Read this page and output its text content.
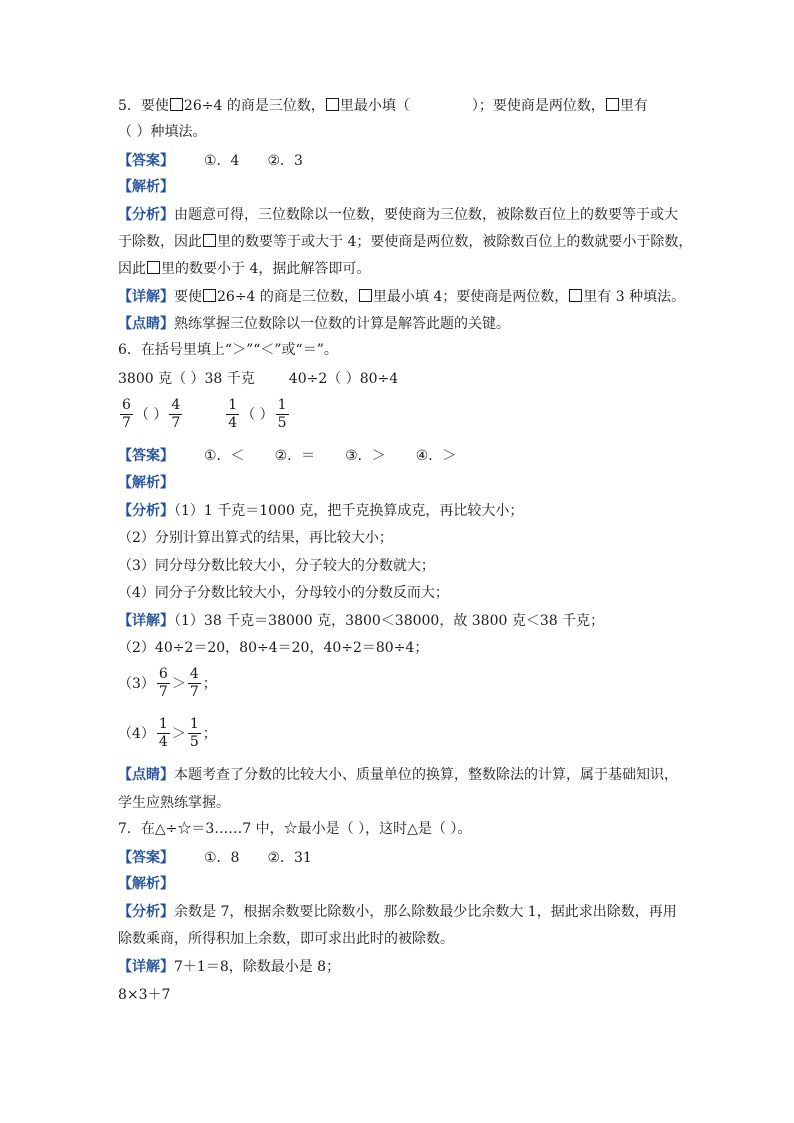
5．要使 26÷4 的商是三位数， 里最小填（	）；要使商是两位数， 里有
（ ）种填法。
【答案】 ①．4 ②．3
【解析】
【分析】由题意可得，三位数除以一位数，要使商为三位数，被除数百位上的数要等于或大
于除数，因此 里的数要等于或大于 4；要使商是两位数，被除数百位上的数就要小于除数，
因此 里的数要小于 4，据此解答即可。
【详解】要使 26÷4 的商是三位数， 里最小填 4；要使商是两位数， 里有 3 种填法。
【点睛】熟练掌握三位数除以一位数的计算是解答此题的关键。
6．在括号里填上“＞”“＜”或“＝”。
3800 克（ ）38 千克 40÷2（ ）80÷4
$\frac{6}{7}$ （ ） $\frac{4}{7}$	$\frac{1}{4}$ （ ） $\frac{1}{5}$
【答案】 ①．＜ ②．＝ ③．＞ ④．＞
【解析】
【分析】（1）1 千克＝1000 克，把千克换算成克，再比较大小；
（2）分别计算出算式的结果，再比较大小；
（3）同分母分数比较大小，分子较大的分数就大；
（4）同分子分数比较大小，分母较小的分数反而大；
【详解】（1）38 千克＝38000 克，3800＜38000，故 3800 克＜38 千克；
（2）40÷2＝20，80÷4＝20，40÷2＝80÷4；
$(3) \frac{6}{7} > \frac{4}{7}$ ；
$(4) \frac{1}{4} > \frac{1}{5}$ ；
【点睛】本题考查了分数的比较大小、质量单位的换算，整数除法的计算，属于基础知识，
学生应熟练掌握。
7．在△÷☆＝3……7 中，☆最小是（ ），这时△是（ ）。
【答案】 ①．8 ②．31
【解析】
【分析】余数是 7，根据余数要比除数小，那么除数最少比余数大 1，据此求出除数，再用
除数乘商，所得积加上余数，即可求出此时的被除数。
【详解】7＋1＝8，除数最小是 8；
8×3＋7
